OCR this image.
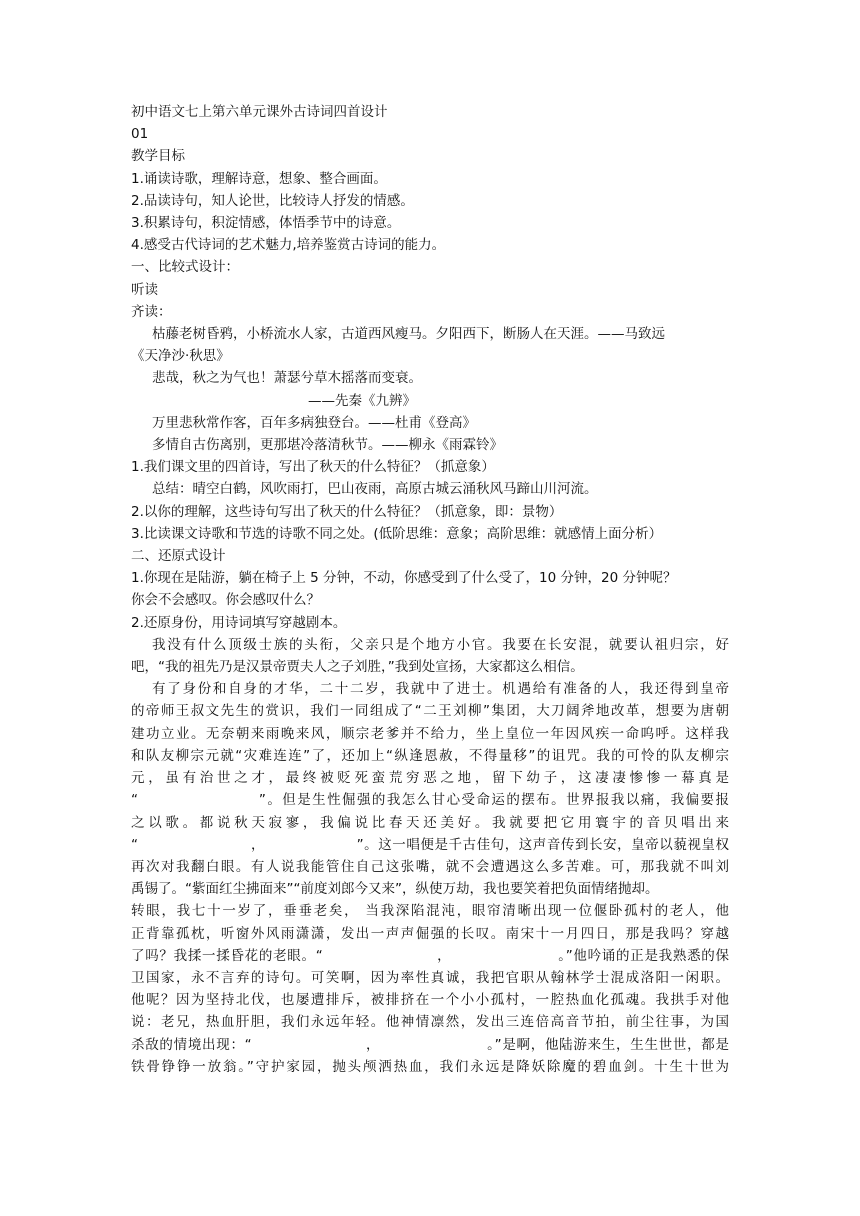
初中语文七上第六单元课外古诗词四首设计
01
教学目标
1.诵读诗歌，理解诗意，想象、整合画面。
2.品读诗句，知人论世，比较诗人抒发的情感。
3.积累诗句，积淀情感，体悟季节中的诗意。
4.感受古代诗词的艺术魅力,培养鉴赏古诗词的能力。
一、比较式设计：
听读
齐读：
枯藤老树昏鸦，小桥流水人家，古道西风瘦马。夕阳西下，断肠人在天涯。——马致远
《天净沙·秋思》
悲哉，秋之为气也！萧瑟兮草木摇落而变衰。
——先秦《九辨》
万里悲秋常作客，百年多病独登台。——杜甫《登高》
多情自古伤离别，更那堪冷落清秋节。——柳永《雨霖铃》
1.我们课文里的四首诗，写出了秋天的什么特征？（抓意象）
总结：晴空白鹤，风吹雨打，巴山夜雨，高原古城云涌秋风马蹄山川河流。
2.以你的理解，这些诗句写出了秋天的什么特征？（抓意象，即：景物）
3.比读课文诗歌和节选的诗歌不同之处。(低阶思维：意象；高阶思维：就感情上面分析）
二、还原式设计
1.你现在是陆游，躺在椅子上 5 分钟，不动，你感受到了什么受了，10 分钟，20 分钟呢？
你会不会感叹。你会感叹什么？
2.还原身份，用诗词填写穿越剧本。
我没有什么顶级士族的头衔，父亲只是个地方小官。我要在长安混，就要认祖归宗，好
吧，“我的祖先乃是汉景帝贾夫人之子刘胜，”我到处宣扬，大家都这么相信。
有了身份和自身的才华，二十二岁，我就中了进士。机遇给有准备的人，我还得到皇帝
的帝师王叔文先生的赏识，我们一同组成了“二王刘柳”集团，大刀阔斧地改革，想要为唐朝
建功立业。无奈朝来雨晚来风，顺宗老爹并不给力，坐上皇位一年因风疾一命呜呼。这样我
和队友柳宗元就“灾难连连”了，还加上“纵逢恩赦，不得量移”的诅咒。我的可怜的队友柳宗
元，虽有治世之才，最终被贬死蛮荒穷恶之地，留下幼子，这凄凄惨惨一幕真是
“　　　　　　　　”。但是生性倔强的我怎么甘心受命运的摆布。世界报我以痛，我偏要报
之以歌。都说秋天寂寥，我偏说比春天还美好。我就要把它用寰宇的音贝唱出来
“　　　　　　　　，　　　　　　　”。这一唱便是千古佳句，这声音传到长安，皇帝以藐视皇权
再次对我翻白眼。有人说我能管住自己这张嘴，就不会遭遇这么多苦难。可，那我就不叫刘
禹锡了。“紫面红尘拂面来”“前度刘郎今又来”，纵使万劫，我也要笑着把负面情绪抛却。
转眼，我七十一岁了，垂垂老矣， 当我深陷混沌，眼帘清晰出现一位偃卧孤村的老人，他
正背靠孤枕，听窗外风雨潇潇，发出一声声倔强的长叹。南宋十一月四日，那是我吗？穿越
了吗？我揉一揉昏花的老眼。“　　　　　　　　，　　　　　　　　。”他吟诵的正是我熟悉的保
卫国家，永不言弃的诗句。可笑啊，因为率性真诚，我把官职从翰林学士混成洛阳一闲职。
他呢？因为坚持北伐，也屡遭排斥，被排挤在一个小小孤村，一腔热血化孤魂。我拱手对他
说：老兄，热血肝胆，我们永远年轻。他神情凛然，发出三连倍高音节拍，前尘往事，为国
杀敌的情境出现：“　　　　　　　　，　　　　　　　　。”是啊，他陆游来生，生生世世，都是
铁骨铮铮一放翁。”守护家园，抛头颅洒热血，我们永远是降妖除魔的碧血剑。十生十世为
